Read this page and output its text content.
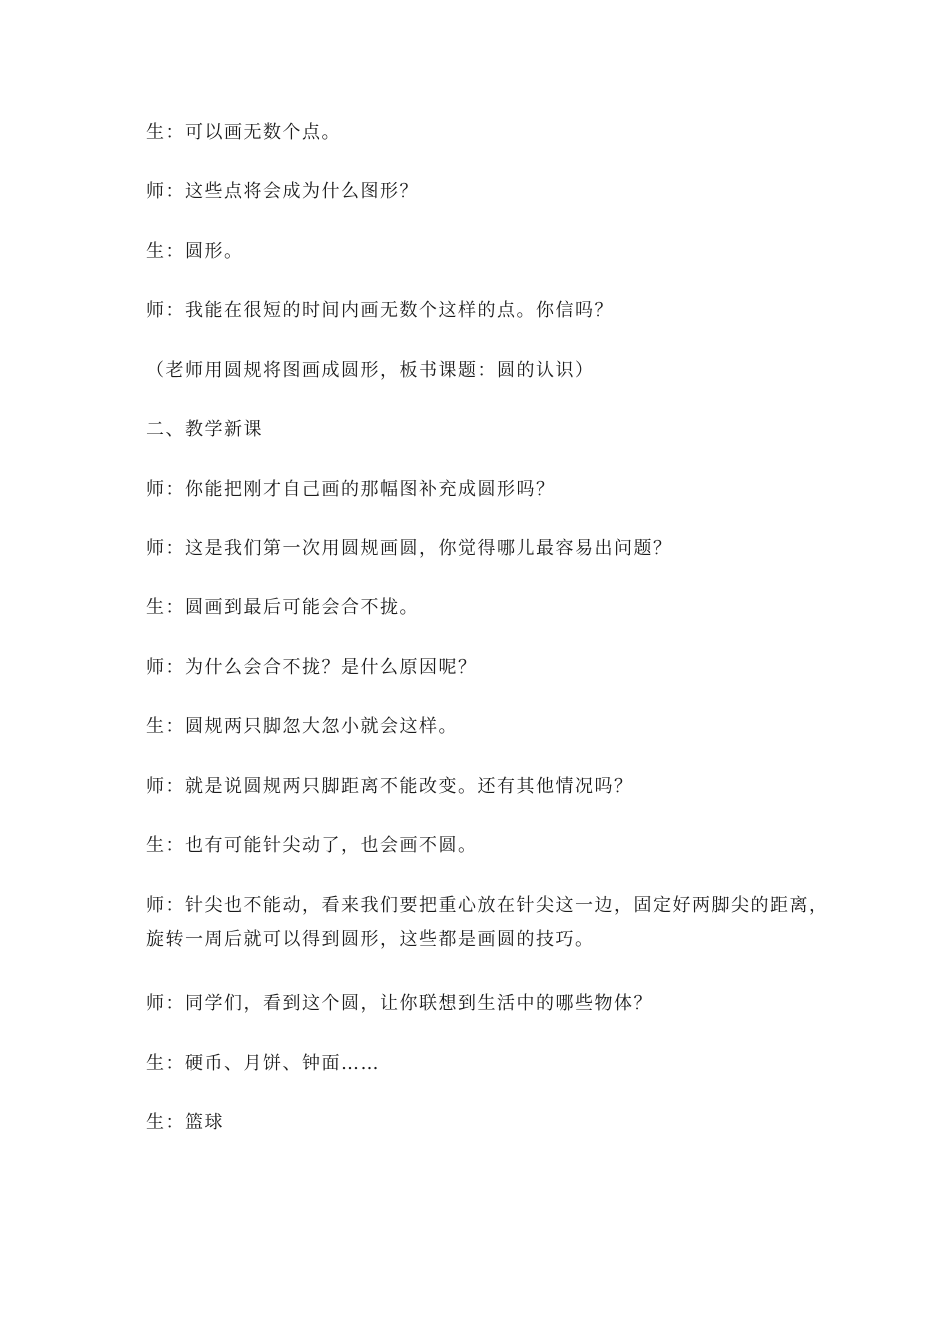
生：可以画无数个点。

师：这些点将会成为什么图形？

生：圆形。

师：我能在很短的时间内画无数个这样的点。你信吗？

（老师用圆规将图画成圆形，板书课题：圆的认识）

二、教学新课

师：你能把刚才自己画的那幅图补充成圆形吗？

师：这是我们第一次用圆规画圆，你觉得哪儿最容易出问题？

生：圆画到最后可能会合不拢。

师：为什么会合不拢？是什么原因呢？

生：圆规两只脚忽大忽小就会这样。

师：就是说圆规两只脚距离不能改变。还有其他情况吗？

生：也有可能针尖动了，也会画不圆。

师：针尖也不能动，看来我们要把重心放在针尖这一边，固定好两脚尖的距离，旋转一周后就可以得到圆形，这些都是画圆的技巧。

师：同学们，看到这个圆，让你联想到生活中的哪些物体？

生：硬币、月饼、钟面……

生：篮球
